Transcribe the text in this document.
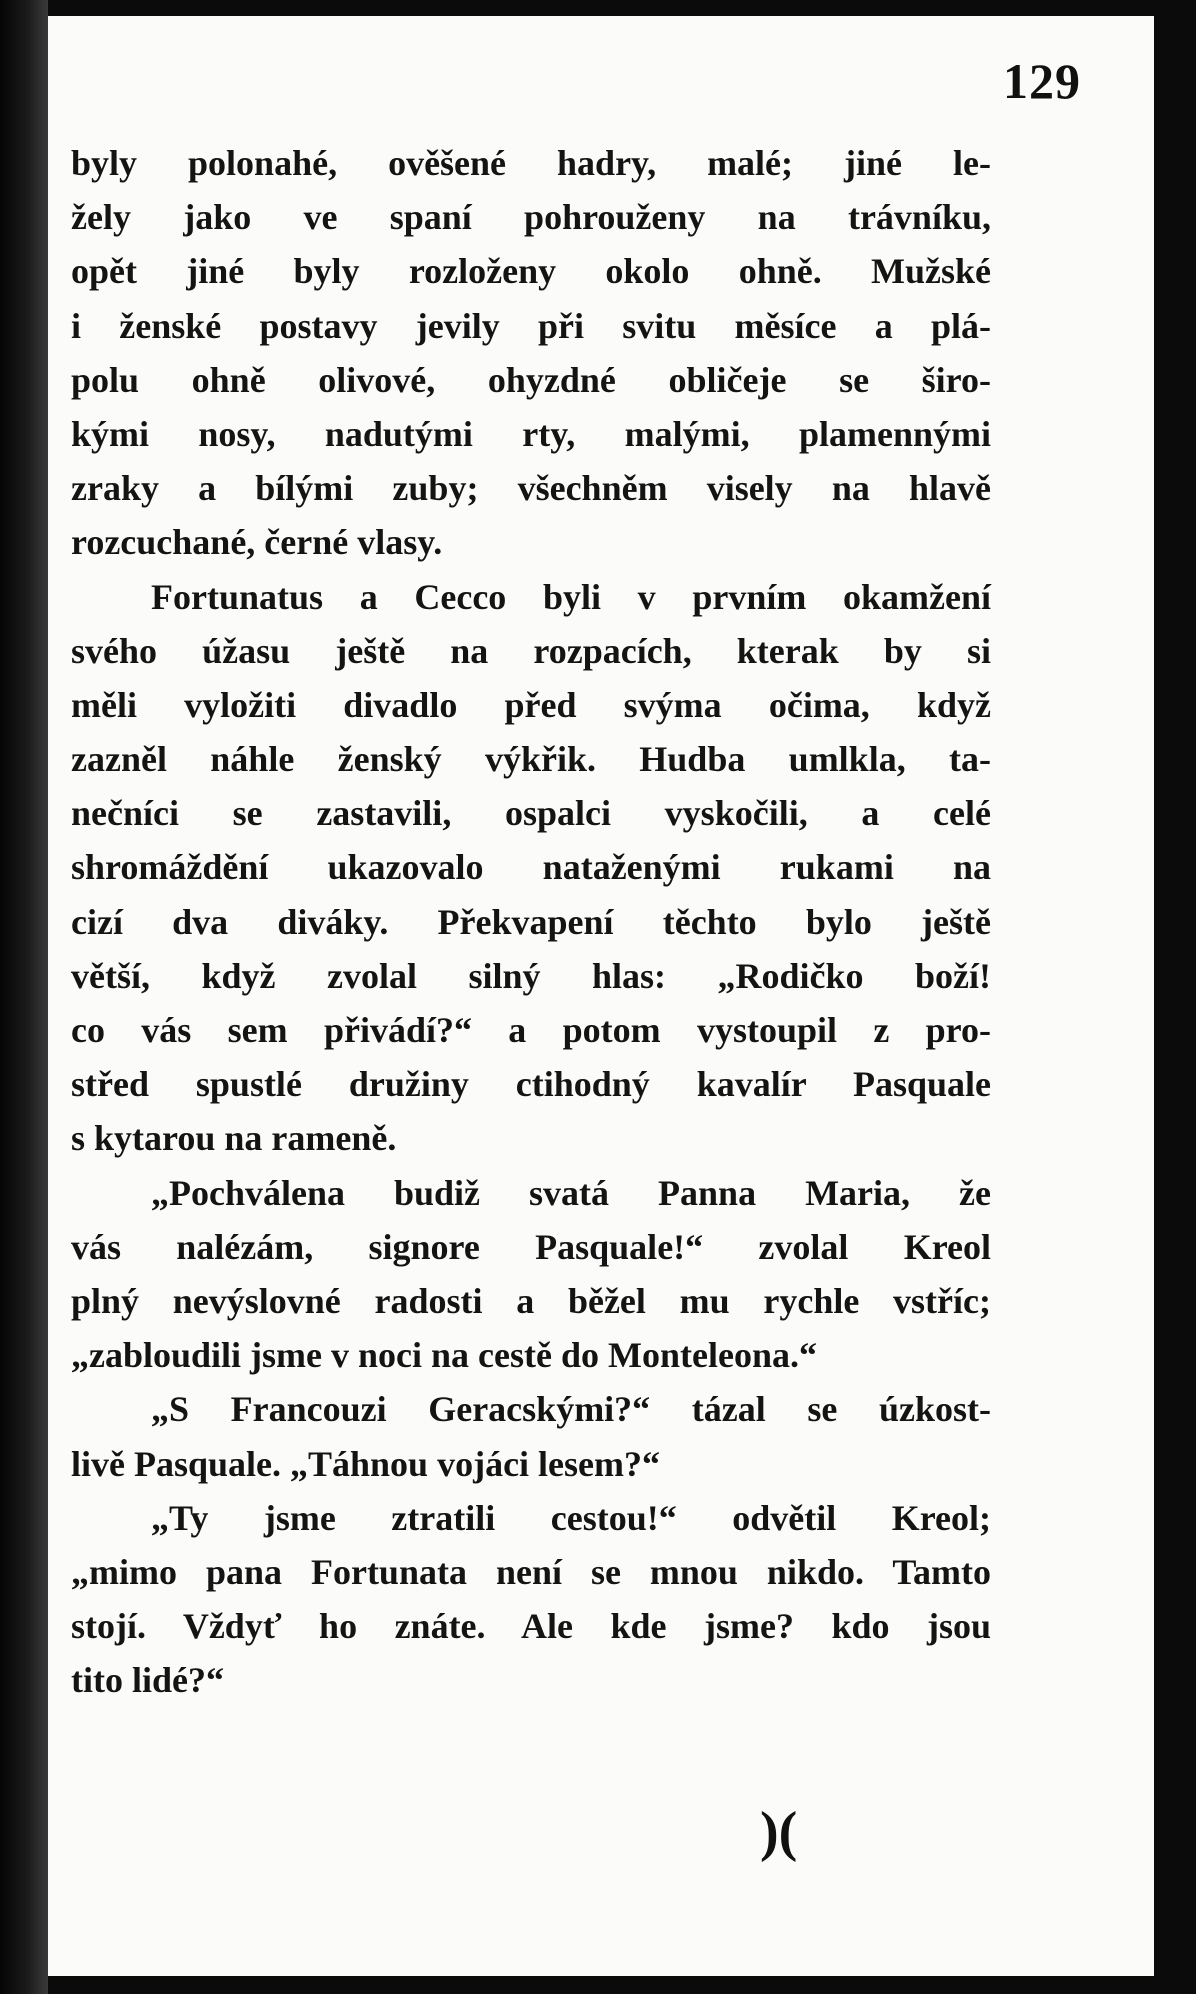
129
byly polonahé, ověšené hadry, malé; jiné le-
žely jako ve spaní pohrouženy na trávníku,
opět jiné byly rozloženy okolo ohně. Mužské
i ženské postavy jevily při svitu měsíce a plá-
polu ohně olivové, ohyzdné obličeje se širo-
kými nosy, nadutými rty, malými, plamennými
zraky a bílými zuby; všechněm visely na hlavě
rozcuchané, černé vlasy.
Fortunatus a Cecco byli v prvním okamžení
svého úžasu ještě na rozpacích, kterak by si
měli vyložiti divadlo před svýma očima, když
zazněl náhle ženský výkřik. Hudba umlkla, ta-
nečníci se zastavili, ospalci vyskočili, a celé
shromáždění ukazovalo nataženými rukami na
cizí dva diváky. Překvapení těchto bylo ještě
větší, když zvolal silný hlas: „Rodičko boží!
co vás sem přivádí?“ a potom vystoupil z pro-
střed spustlé družiny ctihodný kavalír Pasquale
s kytarou na rameně.
„Pochválena budiž svatá Panna Maria, že
vás nalézám, signore Pasquale!“ zvolal Kreol
plný nevýslovné radosti a běžel mu rychle vstříc;
„zabloudili jsme v noci na cestě do Monteleona.“
„S Francouzi Geracskými?“ tázal se úzkost-
livě Pasquale. „Táhnou vojáci lesem?“
„Ty jsme ztratili cestou!“ odvětil Kreol;
„mimo pana Fortunata není se mnou nikdo. Tamto
stojí. Vždyť ho znáte. Ale kde jsme? kdo jsou
tito lidé?“
)(
